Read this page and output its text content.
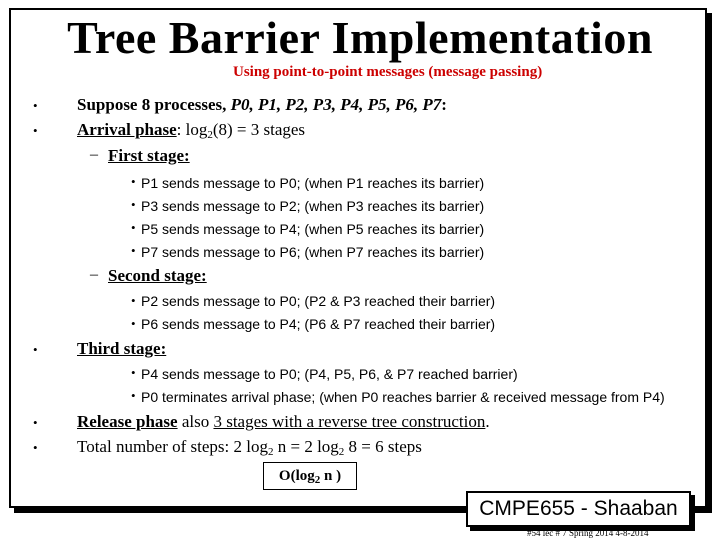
Tree Barrier Implementation
Using point-to-point messages (message passing)
• Suppose 8 processes, P0, P1, P2, P3, P4, P5, P6, P7:
• Arrival phase: $\log_2(8) = 3$ stages
– First stage:
• P1 sends message to P0; (when P1 reaches its barrier)
• P3 sends message to P2; (when P3 reaches its barrier)
• P5 sends message to P4; (when P5 reaches its barrier)
• P7 sends message to P6; (when P7 reaches its barrier)
– Second stage:
• P2 sends message to P0; (P2 & P3 reached their barrier)
• P6 sends message to P4; (P6 & P7 reached their barrier)
• Third stage:
• P4 sends message to P0; (P4, P5, P6, & P7 reached barrier)
• P0 terminates arrival phase; (when P0 reaches barrier & received message from P4)
• Release phase also 3 stages with a reverse tree construction.
• Total number of steps: 2 $\log_2 n = 2$ $\log_2 8 = 6$ steps
$O(\log_2$ n )
CMPE655 - Shaaban
#54 lec # 7 Spring 2014 4-8-2014
